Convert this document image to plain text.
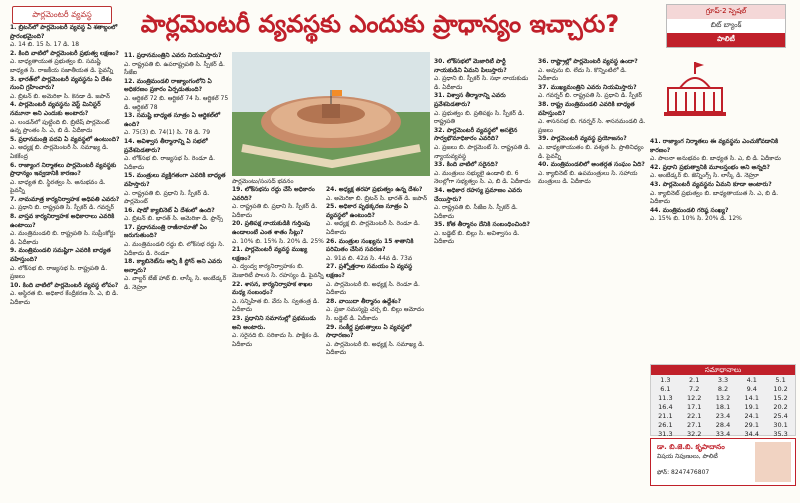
పార్లమెంటరీ వ్యవస్థ	పార్లమెంటరీ వ్యవస్థకు ఎందుకు ప్రాధాన్యం ఇచ్చారు?	గ్రూప్-2 స్పెషల్
బిట్ బ్యాంక్
పాలిటీ
పార్లమెంటు/సంసద్ భవనం

1. బ్రిటన్‌లో పార్లమెంటరీ వ్యవస్థ ఏ శతాబ్దంలో ప్రారంభమైంది?

ఎ. 14 బి. 15 సి. 17 డి. 18

2. కింది వాటిలో పార్లమెంటరీ ప్రభుత్వ లక్షణం?

ఎ. బాధ్యతాయుత ప్రభుత్వం బి. సమష్టి బాధ్యత సి. రాజకీయ సజాతీయత డి. పైవన్నీ

3. భారత్‌లో పార్లమెంటరీ వ్యవస్థను ఏ దేశం నుంచి గ్రహించారు?

ఎ. బ్రిటన్ బి. అమెరికా సి. కెనడా డి. జపాన్

4. పార్లమెంటరీ వ్యవస్థను వెస్ట్ మినిస్టర్ నమూనా అని ఎందుకు అంటారు?

ఎ. లండన్‌లో పుట్టింది బి. బ్రిటిష్ పార్లమెంట్ ఉన్న ప్రాంతం సి. ఎ, బి డి. ఏదీకాదు

5. ప్రధానమంత్రి పదవి ఏ వ్యవస్థలో ఉంటుంది?

ఎ. అధ్యక్ష బి. పార్లమెంటరీ సి. సమాఖ్య డి. ఏకకేంద్ర

6. రాజ్యాంగ నిర్మాతలు పార్లమెంటరీ వ్యవస్థకు ప్రాధాన్యం ఇవ్వడానికి కారణం?

ఎ. బాధ్యత బి. స్థిరత్వం సి. అనుభవం డి. పైవన్నీ

7. నామమాత్ర కార్యనిర్వాహక అధిపతి ఎవరు?

ఎ. ప్రధాని బి. రాష్ట్రపతి సి. స్పీకర్ డి. గవర్నర్

8. వాస్తవ కార్యనిర్వాహక అధికారాలు ఎవరికి ఉంటాయి?

ఎ. మంత్రిమండలి బి. రాష్ట్రపతి సి. సుప్రీంకోర్టు డి. ఏదీకాదు

9. మంత్రిమండలి సమష్టిగా ఎవరికి బాధ్యత వహిస్తుంది?

ఎ. లోక్‌సభ బి. రాజ్యసభ సి. రాష్ట్రపతి డి. ప్రజలు

10. కింది వాటిలో పార్లమెంటరీ వ్యవస్థ లోపం?

ఎ. అస్థిరత బి. అధికార కేంద్రీకరణ సి. ఎ, బి డి. ఏదీకాదు

11. ప్రధానమంత్రిని ఎవరు నియమిస్తారు?

ఎ. రాష్ట్రపతి బి. ఉపరాష్ట్రపతి సి. స్పీకర్ డి. సీజేఐ

12. మంత్రిమండలి రాజ్యాంగంలోని ఏ అధికరణం ప్రకారం ఏర్పడుతుంది?

ఎ. ఆర్టికల్ 72 బి. ఆర్టికల్ 74 సి. ఆర్టికల్ 75 డి. ఆర్టికల్ 78

13. సమష్టి బాధ్యత సూత్రం ఏ ఆర్టికల్‌లో ఉంది?

ఎ. 75(3) బి. 74(1) సి. 78 డి. 79

14. అవిశ్వాస తీర్మానాన్ని ఏ సభలో ప్రవేశపెడతారు?

ఎ. లోక్‌సభ బి. రాజ్యసభ సి. రెండూ డి. ఏదీకాదు

15. మంత్రులు వ్యక్తిగతంగా ఎవరికి బాధ్యత వహిస్తారు?

ఎ. రాష్ట్రపతి బి. ప్రధాని సి. స్పీకర్ డి. పార్లమెంట్

16. షాడో క్యాబినెట్ ఏ దేశంలో ఉంది?

ఎ. బ్రిటన్ బి. భారత్ సి. అమెరికా డి. ఫ్రాన్స్

17. ప్రధానమంత్రి రాజీనామాతో ఏం జరుగుతుంది?

ఎ. మంత్రిమండలి రద్దు బి. లోక్‌సభ రద్దు సి. ఏదీకాదు డి. రెండూ

18. క్యాబినెట్‌ను ఆర్చి కీ స్టోన్ అని ఎవరు అన్నారు?

ఎ. వాల్టర్ బేజ్ హాట్ బి. లాస్కీ సి. అంబేడ్కర్ డి. నెహ్రూ

19. లోక్‌సభను రద్దు చేసే అధికారం ఎవరిది?

ఎ. రాష్ట్రపతి బి. ప్రధాని సి. స్పీకర్ డి. ఏదీకాదు

20. ప్రతిపక్ష నాయకుడికి గుర్తింపు ఉండాలంటే ఎంత శాతం సీట్లు?

ఎ. 10% బి. 15% సి. 20% డి. 25%

21. పార్లమెంటరీ వ్యవస్థ ముఖ్య లక్షణం?

ఎ. ద్వంద్వ కార్యనిర్వాహకం బి. మెజారిటీ పాలన సి. రహస్యం డి. పైవన్నీ

22. శాసన, కార్యనిర్వాహక శాఖల మధ్య సంబంధం?

ఎ. సన్నిహిత బి. వేరు సి. స్వతంత్ర డి. ఏదీకాదు

23. ప్రధానిని సమానుల్లో ప్రథముడు అని అంటారు.

ఎ. సరైనది బి. సరికాదు సి. పాక్షికం డి. ఏదీకాదు

24. అధ్యక్ష తరహా ప్రభుత్వం ఉన్న దేశం?

ఎ. అమెరికా బి. బ్రిటన్ సి. భారత్ డి. జపాన్

25. అధికార పృథక్కరణ సూత్రం ఏ వ్యవస్థలో ఉంటుంది?

ఎ. అధ్యక్ష బి. పార్లమెంటరీ సి. రెండూ డి. ఏదీకాదు

26. మంత్రుల సంఖ్యను 15 శాతానికి పరిమితం చేసిన సవరణ?

ఎ. 91వ బి. 42వ సి. 44వ డి. 73వ

27. ప్రశ్నోత్తరాల సమయం ఏ వ్యవస్థ లక్షణం?

ఎ. పార్లమెంటరీ బి. అధ్యక్ష సి. రెండూ డి. ఏదీకాదు

28. వాయిదా తీర్మానం ఉద్దేశం?

ఎ. ప్రజా సమస్యపై చర్చ బి. బిల్లు ఆమోదం సి. బడ్జెట్ డి. ఏదీకాదు

29. సంకీర్ణ ప్రభుత్వాలు ఏ వ్యవస్థలో సాధారణం?

ఎ. పార్లమెంటరీ బి. అధ్యక్ష సి. సమాఖ్య డి. ఏదీకాదు

30. లోక్‌సభలో మెజారిటీ పార్టీ నాయకుడిని ఏమని పిలుస్తారు?

ఎ. ప్రధాని బి. స్పీకర్ సి. సభా నాయకుడు డి. ఏదీకాదు

31. విశ్వాస తీర్మానాన్ని ఎవరు ప్రవేశపెడతారు?

ఎ. ప్రభుత్వం బి. ప్రతిపక్షం సి. స్పీకర్ డి. రాష్ట్రపతి

32. పార్లమెంటరీ వ్యవస్థలో అసలైన సార్వభౌమాధికారం ఎవరిది?

ఎ. ప్రజలు బి. పార్లమెంట్ సి. రాష్ట్రపతి డి. న్యాయవ్యవస్థ

33. కింది వాటిలో సరైనది?

ఎ. మంత్రులు సభ్యులై ఉండాలి బి. 6 నెలల్లోగా సభ్యత్వం సి. ఎ, బి డి. ఏదీకాదు

34. అధికార రహస్య ప్రమాణం ఎవరు చేయిస్తారు?

ఎ. రాష్ట్రపతి బి. సీజేఐ సి. స్పీకర్ డి. ఏదీకాదు

35. కోత తీర్మానం దేనికి సంబంధించింది?

ఎ. బడ్జెట్ బి. బిల్లు సి. అవిశ్వాసం డి. ఏదీకాదు

36. రాష్ట్రాల్లో పార్లమెంటరీ వ్యవస్థ ఉందా?

ఎ. అవును బి. లేదు సి. కొన్నింటిలో డి. ఏదీకాదు

37. ముఖ్యమంత్రిని ఎవరు నియమిస్తారు?

ఎ. గవర్నర్ బి. రాష్ట్రపతి సి. ప్రధాని డి. స్పీకర్

38. రాష్ట్ర మంత్రిమండలి ఎవరికి బాధ్యత వహిస్తుంది?

ఎ. శాసనసభ బి. గవర్నర్ సి. శాసనమండలి డి. ప్రజలు

39. పార్లమెంటరీ వ్యవస్థ ప్రయోజనం?

ఎ. బాధ్యతాయుతం బి. వశ్యత సి. ప్రాతినిధ్యం డి. పైవన్నీ

40. మంత్రిమండలిలో అంతర్గత సంఘం ఏది?

ఎ. క్యాబినెట్ బి. ఉపమంత్రులు సి. సహాయ మంత్రులు డి. ఏదీకాదు

41. రాజ్యాంగ నిర్మాతలు ఈ వ్యవస్థను ఎంచుకోవడానికి కారణం?

ఎ. పాలనా అనుభవం బి. బాధ్యత సి. ఎ, బి డి. ఏదీకాదు

42. ప్రధాని ప్రభుత్వానికి మూలస్తంభం అని అన్నది?

ఎ. అంబేడ్కర్ బి. జెన్నింగ్స్ సి. లాస్కీ డి. నెహ్రూ

43. పార్లమెంటరీ వ్యవస్థను ఏమని కూడా అంటారు?

ఎ. క్యాబినెట్ ప్రభుత్వం బి. బాధ్యతాయుత సి. ఎ, బి డి. ఏదీకాదు

44. మంత్రిమండలి గరిష్ఠ సంఖ్య?

ఎ. 15% బి. 10% సి. 20% డి. 12%

సమాధానాలు
1.3	2.1	3.3	4.1	5.1
6.1	7.2	8.2	9.4	10.2
11.3	12.2	13.2	14.1	15.2
16.4	17.1	18.1	19.1	20.2
21.1	22.1	23.4	24.1	25.4
26.1	27.1	28.4	29.1	30.1
31.3	32.2	33.4	34.4	35.3
డా. బి.జె.బి. కృపాదానం
విషయ నిపుణులు, పాలిటీ
ఫోన్: 8247476807
